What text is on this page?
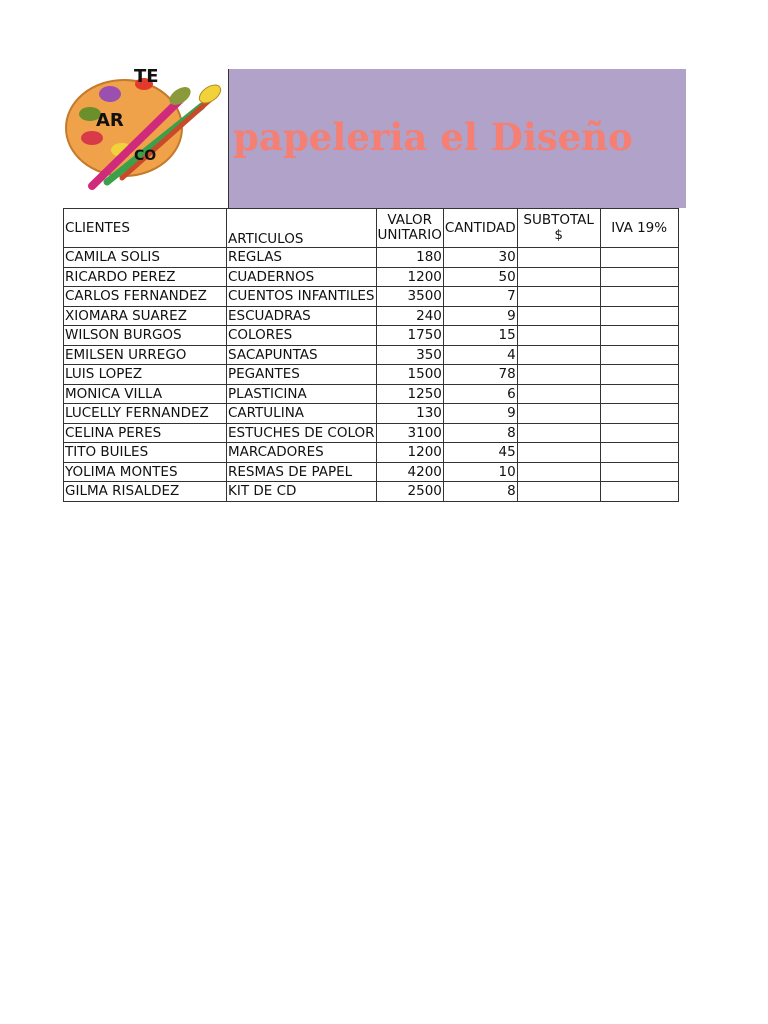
TE
AR
CO papeleria el Diseño
CLIENTES	ARTICULOS	VALOR UNITARIO	CANTIDAD	SUBTOTAL $	IVA 19%
CAMILA SOLIS	REGLAS	180	30		
RICARDO PEREZ	CUADERNOS	1200	50		
CARLOS FERNANDEZ	CUENTOS INFANTILES	3500	7		
XIOMARA SUAREZ	ESCUADRAS	240	9		
WILSON BURGOS	COLORES	1750	15		
EMILSEN URREGO	SACAPUNTAS	350	4		
LUIS LOPEZ	PEGANTES	1500	78		
MONICA VILLA	PLASTICINA	1250	6		
LUCELLY FERNANDEZ	CARTULINA	130	9		
CELINA PERES	ESTUCHES DE COLOR	3100	8		
TITO BUILES	MARCADORES	1200	45		
YOLIMA MONTES	RESMAS DE PAPEL	4200	10		
GILMA RISALDEZ	KIT DE CD	2500	8		
